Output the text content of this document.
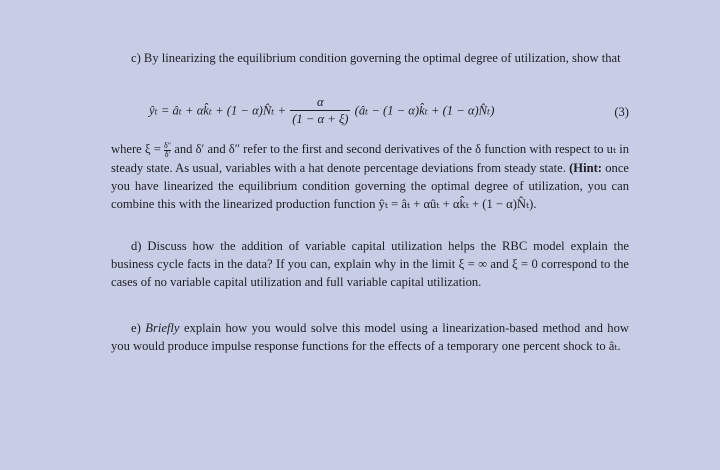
c) By linearizing the equilibrium condition governing the optimal degree of utilization, show that

ŷₜ = âₜ + αk̂ₜ + (1 − α)N̂ₜ + $\frac{\alpha}{(1 - \alpha + \xi)}$ (âₜ − (1 − α)k̂ₜ + (1 − α)N̂ₜ)	(3)

where $\xi = \frac{\delta''}{\delta'}$ and δ′ and δ″ refer to the first and second derivatives of the δ function with respect to uₜ in steady state. As usual, variables with a hat denote percentage deviations from steady state. (Hint: once you have linearized the equilibrium condition governing the optimal degree of utilization, you can combine this with the linearized production function ŷₜ = âₜ + αûₜ + αk̂ₜ + (1 − α)N̂ₜ).

d) Discuss how the addition of variable capital utilization helps the RBC model explain the business cycle facts in the data? If you can, explain why in the limit ξ = ∞ and ξ = 0 correspond to the cases of no variable capital utilization and full variable capital utilization.

e) Briefly explain how you would solve this model using a linearization-based method and how you would produce impulse response functions for the effects of a temporary one percent shock to âₜ.
